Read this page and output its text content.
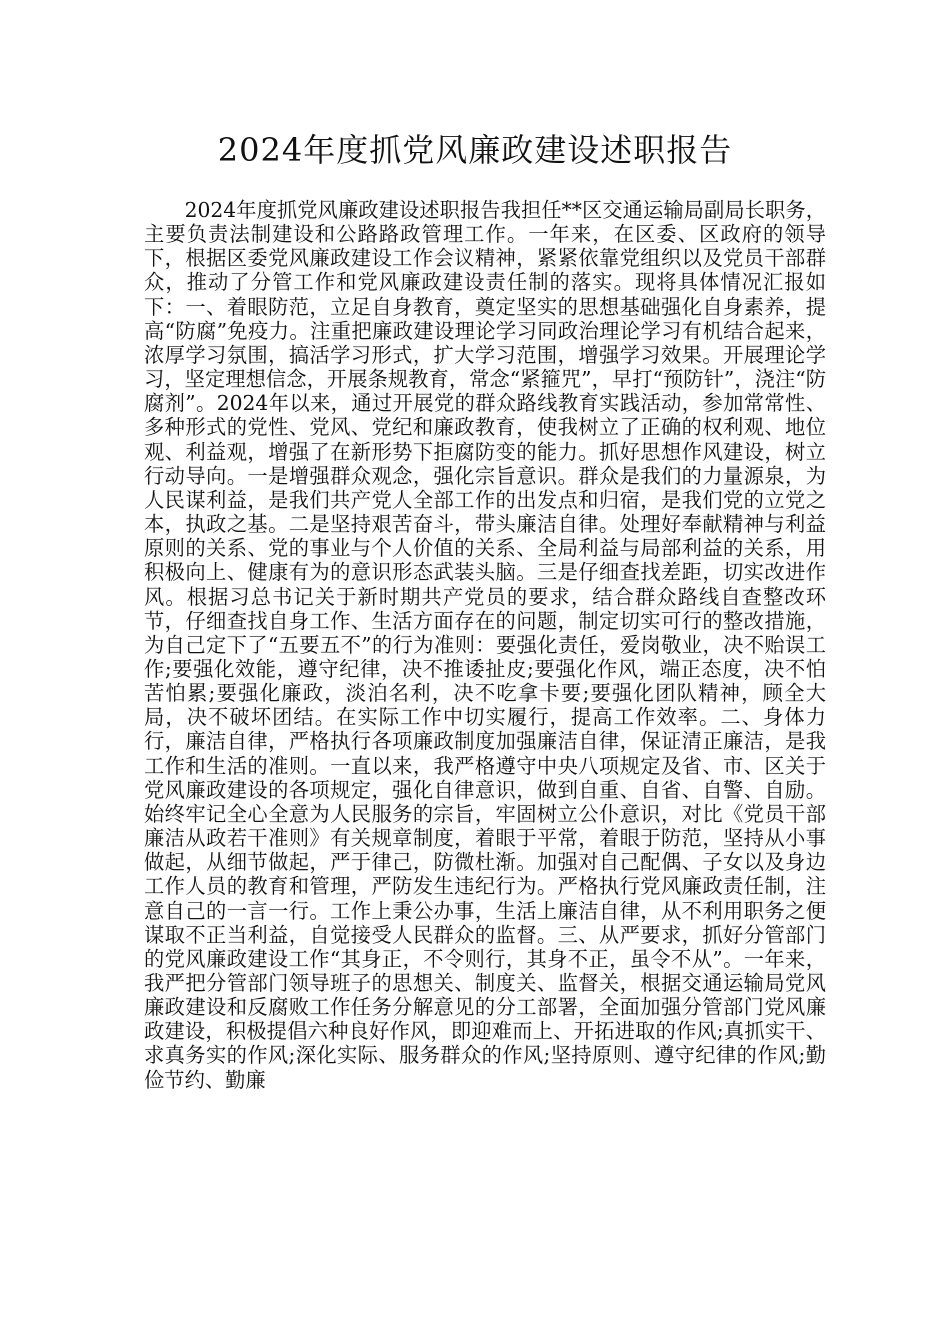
2024年度抓党风廉政建设述职报告

2024年度抓党风廉政建设述职报告我担任**区交通运输局副局长职务，主要负责法制建设和公路路政管理工作。一年来，在区委、区政府的领导下，根据区委党风廉政建设工作会议精神，紧紧依靠党组织以及党员干部群众，推动了分管工作和党风廉政建设责任制的落实。现将具体情况汇报如下：一、着眼防范，立足自身教育，奠定坚实的思想基础强化自身素养，提高“防腐”免疫力。注重把廉政建设理论学习同政治理论学习有机结合起来，浓厚学习氛围，搞活学习形式，扩大学习范围，增强学习效果。开展理论学习，坚定理想信念，开展条规教育，常念“紧箍咒”，早打“预防针”，浇注“防腐剂”。2024年以来，通过开展党的群众路线教育实践活动，参加常常性、多种形式的党性、党风、党纪和廉政教育，使我树立了正确的权利观、地位观、利益观，增强了在新形势下拒腐防变的能力。抓好思想作风建设，树立行动导向。一是增强群众观念，强化宗旨意识。群众是我们的力量源泉，为人民谋利益，是我们共产党人全部工作的出发点和归宿，是我们党的立党之本，执政之基。二是坚持艰苦奋斗，带头廉洁自律。处理好奉献精神与利益原则的关系、党的事业与个人价值的关系、全局利益与局部利益的关系，用积极向上、健康有为的意识形态武装头脑。三是仔细查找差距，切实改进作风。根据习总书记关于新时期共产党员的要求，结合群众路线自查整改环节，仔细查找自身工作、生活方面存在的问题，制定切实可行的整改措施，为自己定下了“五要五不”的行为准则：要强化责任，爱岗敬业，决不贻误工作;要强化效能，遵守纪律，决不推诿扯皮;要强化作风，端正态度，决不怕苦怕累;要强化廉政，淡泊名利，决不吃拿卡要;要强化团队精神，顾全大局，决不破坏团结。在实际工作中切实履行，提高工作效率。二、身体力行，廉洁自律，严格执行各项廉政制度加强廉洁自律，保证清正廉洁，是我工作和生活的准则。一直以来，我严格遵守中央八项规定及省、市、区关于党风廉政建设的各项规定，强化自律意识，做到自重、自省、自警、自励。始终牢记全心全意为人民服务的宗旨，牢固树立公仆意识，对比《党员干部廉洁从政若干准则》有关规章制度，着眼于平常，着眼于防范，坚持从小事做起，从细节做起，严于律己，防微杜渐。加强对自己配偶、子女以及身边工作人员的教育和管理，严防发生违纪行为。严格执行党风廉政责任制，注意自己的一言一行。工作上秉公办事，生活上廉洁自律，从不利用职务之便谋取不正当利益，自觉接受人民群众的监督。三、从严要求，抓好分管部门的党风廉政建设工作“其身正，不令则行，其身不正，虽令不从”。一年来，我严把分管部门领导班子的思想关、制度关、监督关，根据交通运输局党风廉政建设和反腐败工作任务分解意见的分工部署，全面加强分管部门党风廉政建设，积极提倡六种良好作风，即迎难而上、开拓进取的作风;真抓实干、求真务实的作风;深化实际、服务群众的作风;坚持原则、遵守纪律的作风;勤俭节约、勤廉
